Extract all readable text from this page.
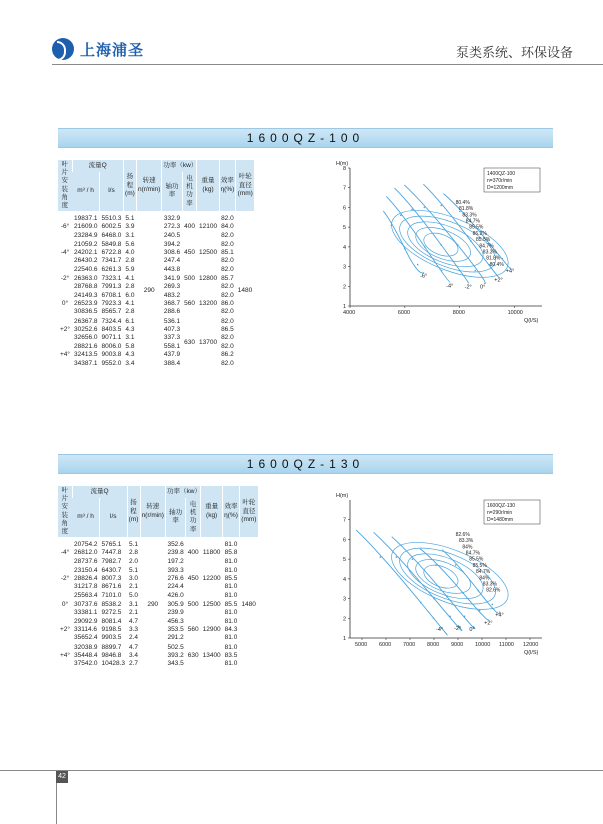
上海浦圣	泵类系统、环保设备
1600QZ-100
叶片安装角度	流量Q		扬程(m)	转速n(r/min)	功率（kw）		重量(kg)	效率 η(%)	叶轮直径(mm)
	m³ / h	l/s			轴功率	电机功率			
-6°	19837.1	5510.3	5.1	290	332.9	400	12100	82.0	1480
	21609.0	6002.5	3.9		272.3			84.0	
	23284.9	6468.0	3.1		240.5			82.0	
-4°	21059.2	5849.8	5.6		394.2	450	12500	82.0	
	24202.1	6722.8	4.0		308.6			85.1	
	26430.2	7341.7	2.8		247.4			82.0	
-2°	22540.6	6261.3	5.9		443.8	500	12800	82.0	
	26363.0	7323.1	4.1		341.9			85.7	
	28768.8	7991.3	2.8		269.3			82.0	
0°	24149.3	6708.1	6.0		483.2	560	13200	82.0	
	26523.9	7923.3	4.1		368.7			86.0	
	30836.5	8565.7	2.8		288.6			82.0	
+2°	26367.8	7324.4	6.1		536.1	630	13700	82.0	
	30252.6	8403.5	4.3		407.3			86.5	
	32656.0	9071.1	3.1		337.3			82.0	
+4°	28821.6	8006.0	5.8		558.1			82.0	
	32413.5	9003.8	4.3		437.9			86.2	
	34387.1	9552.0	3.4		388.4			82.0	
H(m)
Q(l/S)
1
2
3
4
5
6
7
8
4000	6000	8000	10000
1400QZ-100
n=370r/min
D=1200mm
-6°
-4° -2° 0°
+2°
+4°
80.4%
81.8%
83.3%
84.7%
85.5%
86.2%
85.5%
84.7%
83.3%
81.8%
80.4%
1600QZ-130
叶片安装角度	流量Q		扬程(m)	转速n(r/min)	功率（kw）		重量(kg)	效率 η(%)	叶轮直径(mm)
	m³ / h	l/s			轴功率	电机功率			
-4°	20754.2	5765.1	5.1	290	352.6	400	11800	81.0	1480
	26812.0	7447.8	2.8		239.8			85.8	
	28737.6	7982.7	2.0		197.2			81.0	
-2°	23150.4	6430.7	5.1		393.3	450	12200	81.0	
	28826.4	8007.3	3.0		276.6			85.5	
	31217.8	8671.6	2.1		224.4			81.0	
0°	25563.4	7101.0	5.0		426.0	500	12500	81.0	
	30737.6	8538.2	3.1		305.9			85.5	
	33381.1	9272.5	2.1		239.9			81.0	
+2°	29092.9	8081.4	4.7		456.3	560	12900	81.0	
	33114.6	9198.5	3.3		353.5			84.3	
	35652.4	9903.5	2.4		291.2			81.0	
+4°	32038.9	8899.7	4.7		502.5	630	13400	81.0	
	35448.4	9846.8	3.4		393.2			83.5	
	37542.0	10428.3	2.7		343.5			81.0	
H(m)
Q(l/S)
1
2
3
4
5
6
7
5000 6000 7000 8000 9000 10000 11000 12000
1600QZ-130
n=290r/min
D=1480mm
-4° -2° 0°
+2°
+4°
82.6%
83.3%
84%
84.7%
85.5%
85.5%
84.7%
84%
83.3%
82.6%
42
